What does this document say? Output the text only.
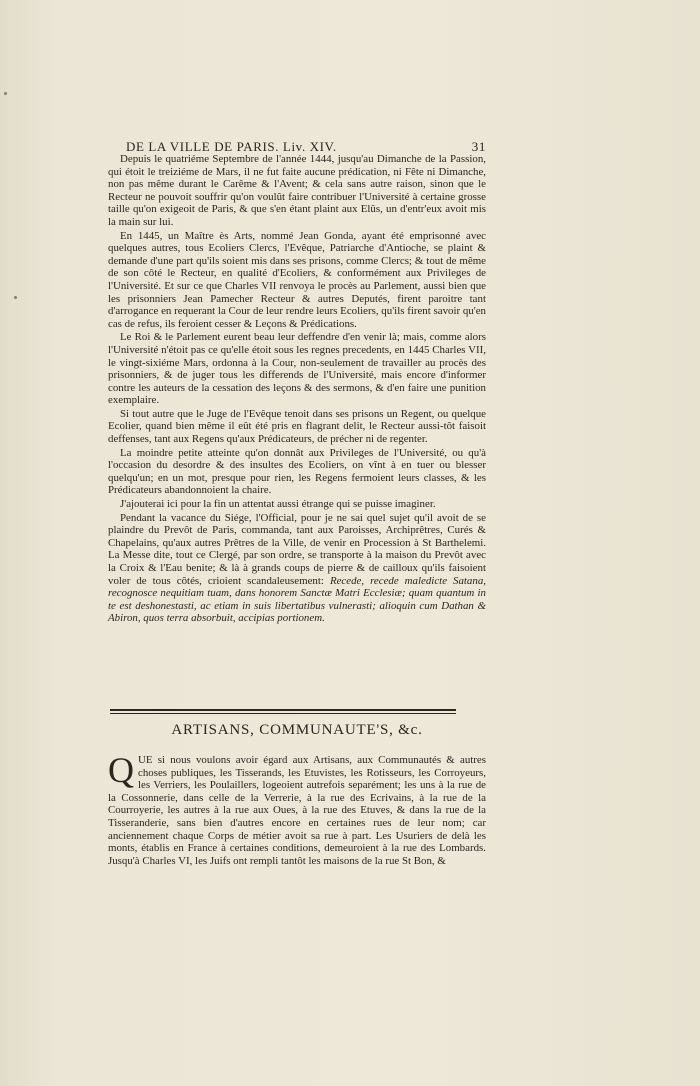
DE LA VILLE DE PARIS. Liv. XIV.	31

Depuis le quatriéme Septembre de l'année 1444, jusqu'au Dimanche de la Passion, qui étoit le treiziéme de Mars, il ne fut faite aucune prédication, ni Fête ni Dimanche, non pas même durant le Carême & l'Avent; & cela sans autre raison, sinon que le Recteur ne pouvoit souffrir qu'on voulût faire contribuer l'Université à certaine grosse taille qu'on exigeoit de Paris, & que s'en étant plaint aux Elûs, un d'entr'eux avoit mis la main sur lui.

En 1445, un Maître ès Arts, nommé Jean Gonda, ayant été emprisonné avec quelques autres, tous Ecoliers Clercs, l'Evêque, Patriarche d'Antioche, se plaint & demande d'une part qu'ils soient mis dans ses prisons, comme Clercs; & tout de même de son côté le Recteur, en qualité d'Ecoliers, & conformément aux Privileges de l'Université. Et sur ce que Charles VII renvoya le procès au Parlement, aussi bien que les prisonniers Jean Pamecher Recteur & autres Deputés, firent paroitre tant d'arrogance en requerant la Cour de leur rendre leurs Ecoliers, qu'ils firent savoir qu'en cas de refus, ils feroient cesser & Leçons & Prédications.

Le Roi & le Parlement eurent beau leur deffendre d'en venir là; mais, comme alors l'Université n'étoit pas ce qu'elle étoit sous les regnes precedents, en 1445 Charles VII, le vingt-sixiéme Mars, ordonna à la Cour, non-seulement de travailler au procès des prisonniers, & de juger tous les differends de l'Université, mais encore d'informer contre les auteurs de la cessation des leçons & des sermons, & d'en faire une punition exemplaire.

Si tout autre que le Juge de l'Evêque tenoit dans ses prisons un Regent, ou quelque Ecolier, quand bien même il eût été pris en flagrant delit, le Recteur aussi-tôt faisoit deffenses, tant aux Regens qu'aux Prédicateurs, de précher ni de regenter.

La moindre petite atteinte qu'on donnât aux Privileges de l'Université, ou qu'à l'occasion du desordre & des insultes des Ecoliers, on vînt à en tuer ou blesser quelqu'un; en un mot, presque pour rien, les Regens fermoient leurs classes, & les Prédicateurs abandonnoient la chaire.

J'ajouterai ici pour la fin un attentat aussi étrange qui se puisse imaginer.

Pendant la vacance du Siége, l'Official, pour je ne sai quel sujet qu'il avoit de se plaindre du Prevôt de Paris, commanda, tant aux Paroisses, Archiprêtres, Curés & Chapelains, qu'aux autres Prêtres de la Ville, de venir en Procession à St Barthelemi. La Messe dite, tout ce Clergé, par son ordre, se transporte à la maison du Prevôt avec la Croix & l'Eau benite; & là à grands coups de pierre & de cailloux qu'ils faisoient voler de tous côtés, crioient scandaleusement: Recede, recede maledicte Satana, recognosce nequitiam tuam, dans honorem Sanctæ Matri Ecclesiæ; quam quantum in te est deshonestasti, ac etiam in suis libertatibus vulnerasti; alioquin cum Dathan & Abiron, quos terra absorbuit, accipias portionem.

ARTISANS, COMMUNAUTE'S, &c.

Q UE si nous voulons avoir égard aux Artisans, aux Communautés & autres choses publiques, les Tisserands, les Etuvistes, les Rotisseurs, les Corroyeurs, les Verriers, les Poulaillers, logeoient autrefois separément; les uns à la rue de la Cossonnerie, dans celle de la Verrerie, à la rue des Ecrivains, à la rue de la Courroyerie, les autres à la rue aux Oues, à la rue des Etuves, & dans la rue de la Tisseranderie, sans bien d'autres encore en certaines rues de leur nom; car anciennement chaque Corps de métier avoit sa rue à part. Les Usuriers de delà les monts, établis en France à certaines conditions, demeuroient à la rue des Lombards. Jusqu'à Charles VI, les Juifs ont rempli tantôt les maisons de la rue St Bon, &
